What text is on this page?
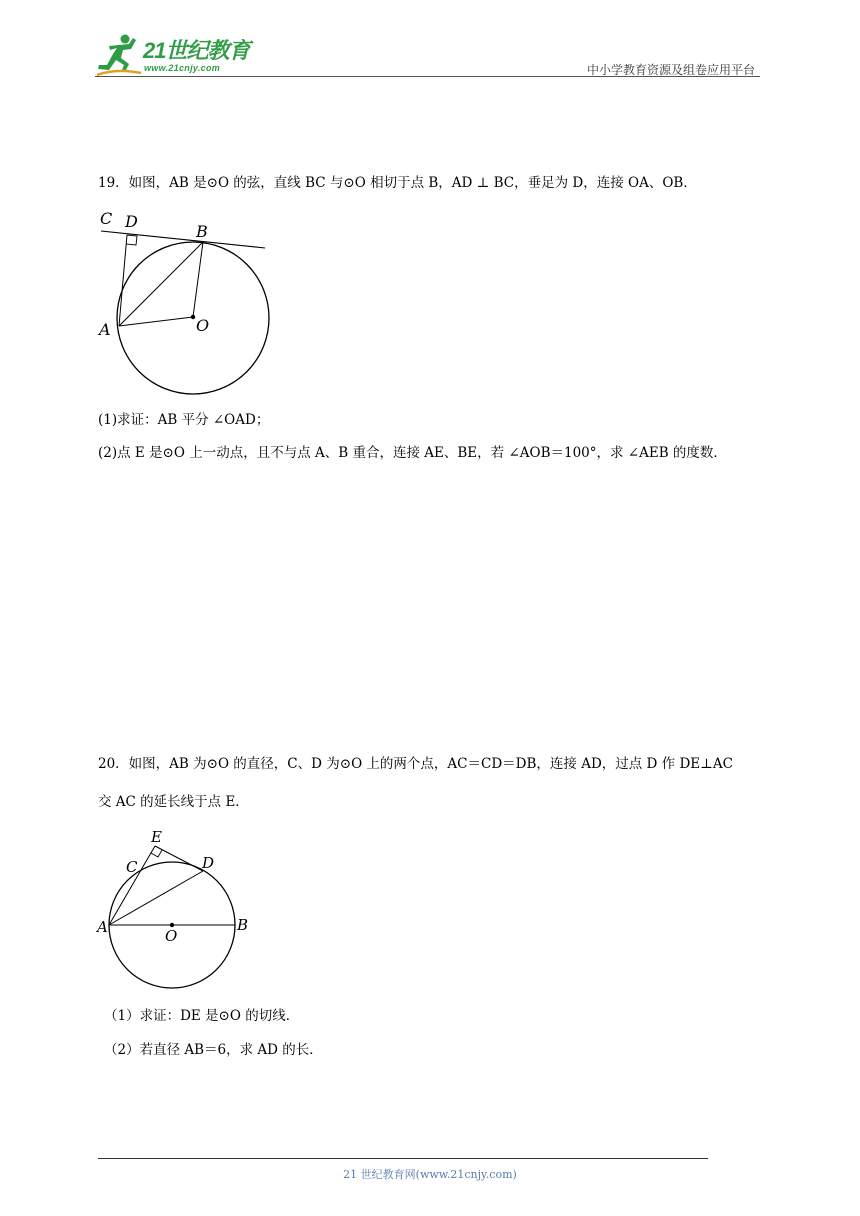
21世纪教育
www.21cnjy.com	中小学教育资源及组卷应用平台
19．如图，AB 是⊙O 的弦，直线 BC 与⊙O 相切于点 B，AD ⊥ BC，垂足为 D，连接 OA、OB．
C D
B
A	O
(1)求证：AB 平分 ∠OAD；
(2)点 E 是⊙O 上一动点，且不与点 A、B 重合，连接 AE、BE，若 ∠AOB＝100°，求 ∠AEB 的度数．
20．如图，AB 为⊙O 的直径，C、D 为⊙O 上的两个点，AC＝CD＝DB，连接 AD，过点 D 作 DE⊥AC
交 AC 的延长线于点 E．
E
C	D
A	O
B
（1）求证：DE 是⊙O 的切线．
（2）若直径 AB＝6，求 AD 的长．
21 世纪教育网(www.21cnjy.com)
